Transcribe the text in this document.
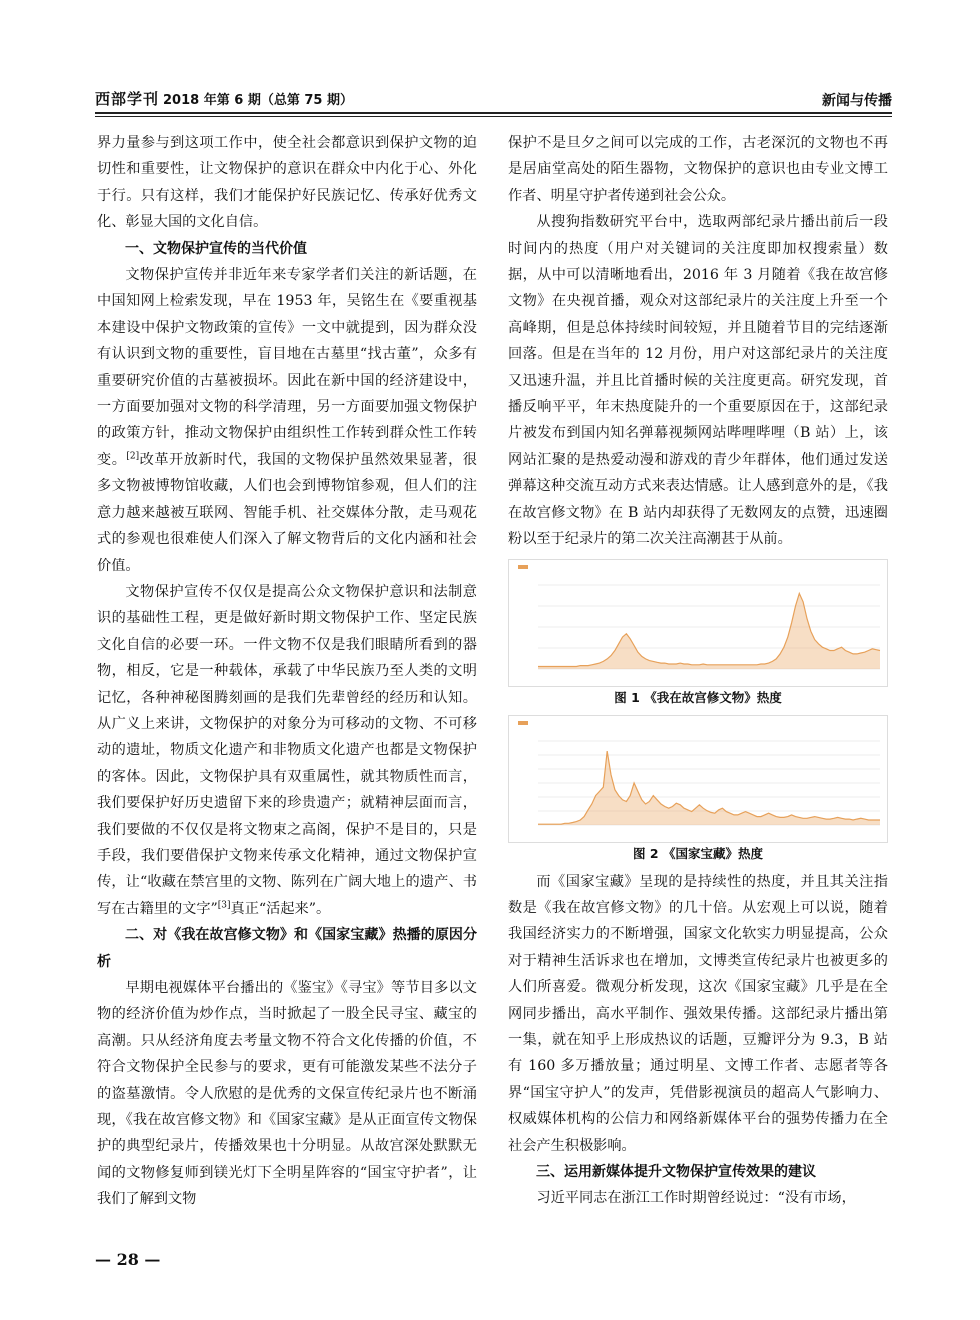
西部学刊 2018 年第 6 期（总第 75 期）	新闻与传播

界力量参与到这项工作中，使全社会都意识到保护文物的迫切性和重要性，让文物保护的意识在群众中内化于心、外化于行。只有这样，我们才能保护好民族记忆、传承好优秀文化、彰显大国的文化自信。

一、文物保护宣传的当代价值

文物保护宣传并非近年来专家学者们关注的新话题，在中国知网上检索发现，早在 1953 年，吴铭生在《要重视基本建设中保护文物政策的宣传》一文中就提到，因为群众没有认识到文物的重要性，盲目地在古墓里“找古董”，众多有重要研究价值的古墓被损坏。因此在新中国的经济建设中，一方面要加强对文物的科学清理，另一方面要加强文物保护的政策方针，推动文物保护由组织性工作转到群众性工作转变。[2]改革开放新时代，我国的文物保护虽然效果显著，很多文物被博物馆收藏，人们也会到博物馆参观，但人们的注意力越来越被互联网、智能手机、社交媒体分散，走马观花式的参观也很难使人们深入了解文物背后的文化内涵和社会价值。

文物保护宣传不仅仅是提高公众文物保护意识和法制意识的基础性工程，更是做好新时期文物保护工作、坚定民族文化自信的必要一环。一件文物不仅是我们眼睛所看到的器物，相反，它是一种载体，承载了中华民族乃至人类的文明记忆，各种神秘图腾刻画的是我们先辈曾经的经历和认知。从广义上来讲，文物保护的对象分为可移动的文物、不可移动的遗址，物质文化遗产和非物质文化遗产也都是文物保护的客体。因此，文物保护具有双重属性，就其物质性而言，我们要保护好历史遗留下来的珍贵遗产；就精神层面而言，我们要做的不仅仅是将文物束之高阁，保护不是目的，只是手段，我们要借保护文物来传承文化精神，通过文物保护宣传，让“收藏在禁宫里的文物、陈列在广阔大地上的遗产、书写在古籍里的文字”[3]真正“活起来”。

二、对《我在故宫修文物》和《国家宝藏》热播的原因分析

早期电视媒体平台播出的《鉴宝》《寻宝》等节目多以文物的经济价值为炒作点，当时掀起了一股全民寻宝、藏宝的高潮。只从经济角度去考量文物不符合文化传播的价值，不符合文物保护全民参与的要求，更有可能激发某些不法分子的盗墓激情。令人欣慰的是优秀的文保宣传纪录片也不断涌现，《我在故宫修文物》和《国家宝藏》是从正面宣传文物保护的典型纪录片，传播效果也十分明显。从故宫深处默默无闻的文物修复师到镁光灯下全明星阵容的“国宝守护者”，让我们了解到文物

保护不是旦夕之间可以完成的工作，古老深沉的文物也不再是居庙堂高处的陌生器物，文物保护的意识也由专业文博工作者、明星守护者传递到社会公众。

从搜狗指数研究平台中，选取两部纪录片播出前后一段时间内的热度（用户对关键词的关注度即加权搜索量）数据，从中可以清晰地看出，2016 年 3 月随着《我在故宫修文物》在央视首播，观众对这部纪录片的关注度上升至一个高峰期，但是总体持续时间较短，并且随着节目的完结逐渐回落。但是在当年的 12 月份，用户对这部纪录片的关注度又迅速升温，并且比首播时候的关注度更高。研究发现，首播反响平平，年末热度陡升的一个重要原因在于，这部纪录片被发布到国内知名弹幕视频网站哔哩哔哩（B 站）上，该网站汇聚的是热爱动漫和游戏的青少年群体，他们通过发送弹幕这种交流互动方式来表达情感。让人感到意外的是，《我在故宫修文物》在 B 站内却获得了无数网友的点赞，迅速圈粉以至于纪录片的第二次关注高潮甚于从前。

图 1 《我在故宫修文物》热度
图 2 《国家宝藏》热度

而《国家宝藏》呈现的是持续性的热度，并且其关注指数是《我在故宫修文物》的几十倍。从宏观上可以说，随着我国经济实力的不断增强，国家文化软实力明显提高，公众对于精神生活诉求也在增加，文博类宣传纪录片也被更多的人们所喜爱。微观分析发现，这次《国家宝藏》几乎是在全网同步播出，高水平制作、强效果传播。这部纪录片播出第一集，就在知乎上形成热议的话题，豆瓣评分为 9.3，B 站有 160 多万播放量；通过明星、文博工作者、志愿者等各界“国宝守护人”的发声，凭借影视演员的超高人气影响力、权威媒体机构的公信力和网络新媒体平台的强势传播力在全社会产生积极影响。

三、运用新媒体提升文物保护宣传效果的建议

习近平同志在浙江工作时期曾经说过：“没有市场，

— 28 —
